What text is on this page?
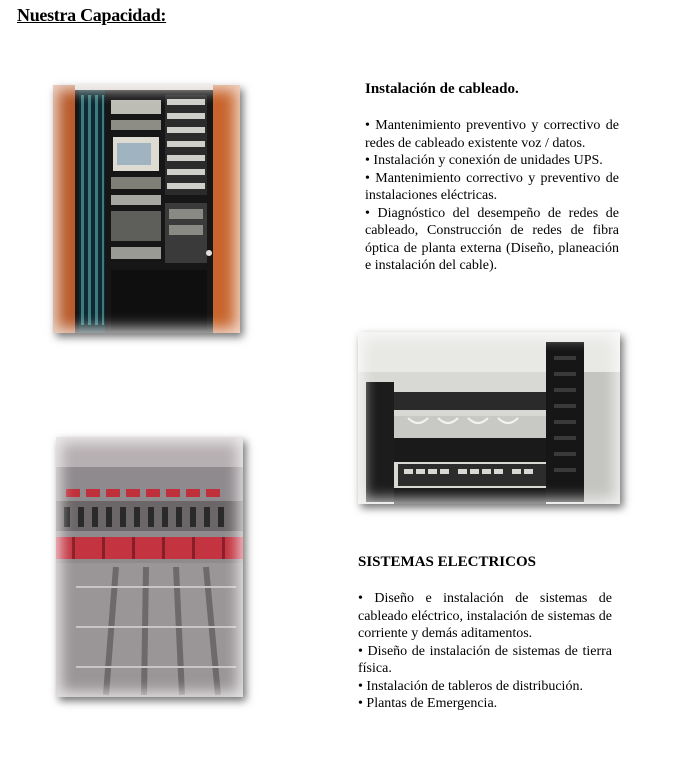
Nuestra Capacidad:
Instalación de cableado.

• Mantenimiento preventivo y correctivo de redes de cableado existente voz / datos.

• Instalación y conexión de unidades UPS.

• Mantenimiento correctivo y preventivo de instalaciones eléctricas.

• Diagnóstico del desempeño de redes de cableado, Construcción de redes de fibra óptica de planta externa (Diseño, planeación e instalación del cable).

SISTEMAS ELECTRICOS

• Diseño e instalación de sistemas de cableado eléctrico, instalación de sistemas de corriente y demás aditamentos.

• Diseño de instalación de sistemas de tierra física.

• Instalación de tableros de distribución.

• Plantas de Emergencia.
